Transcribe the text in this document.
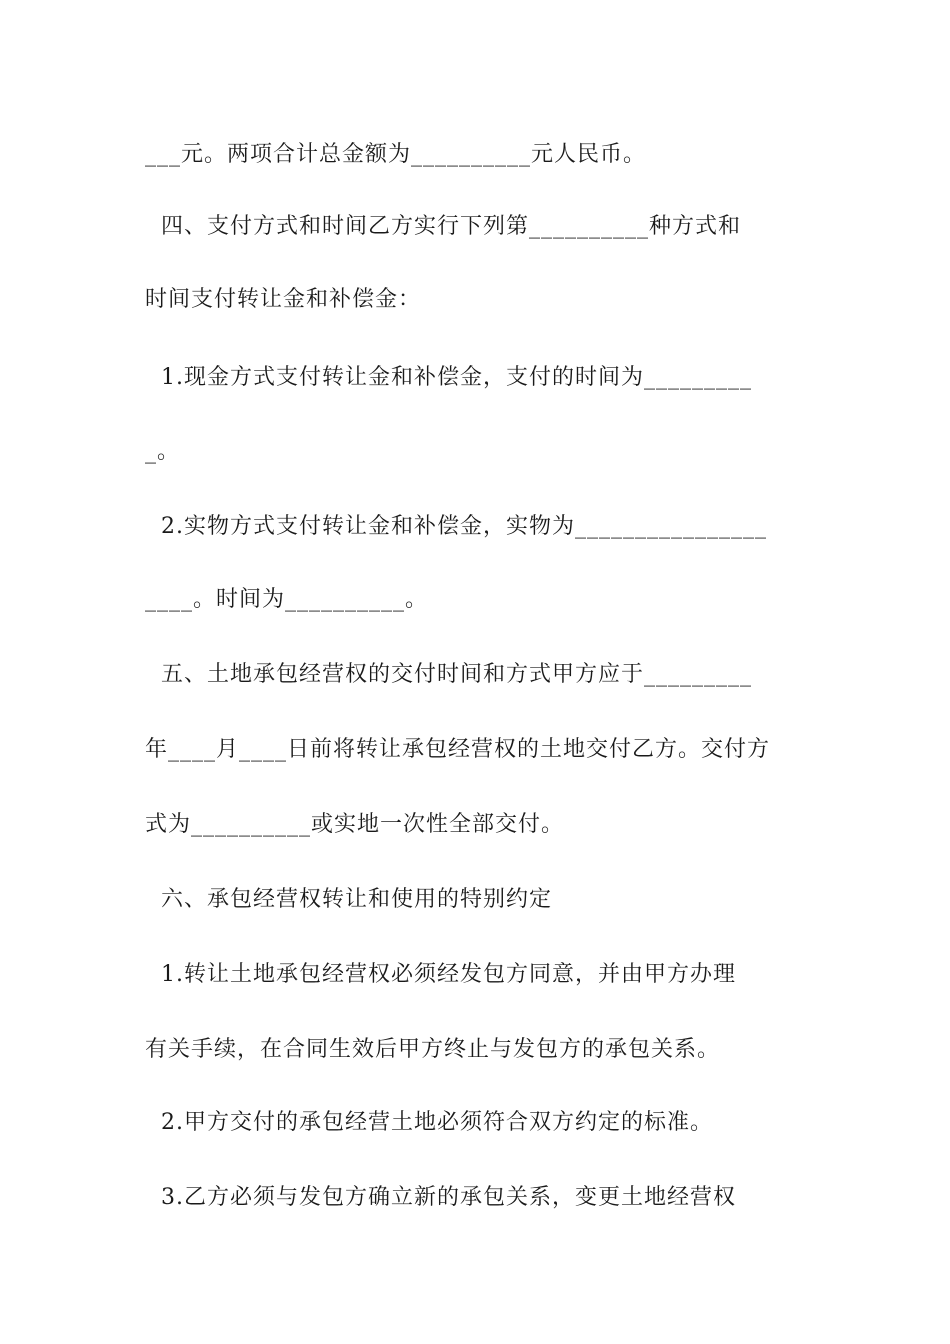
___元。两项合计总金额为__________元人民币。
四、支付方式和时间乙方实行下列第__________种方式和
时间支付转让金和补偿金：
1.现金方式支付转让金和补偿金，支付的时间为_________
_。
2.实物方式支付转让金和补偿金，实物为________________
____。时间为__________。
五、土地承包经营权的交付时间和方式甲方应于_________
年____月____日前将转让承包经营权的土地交付乙方。交付方
式为__________或实地一次性全部交付。
六、承包经营权转让和使用的特别约定
1.转让土地承包经营权必须经发包方同意，并由甲方办理
有关手续，在合同生效后甲方终止与发包方的承包关系。
2.甲方交付的承包经营土地必须符合双方约定的标准。
3.乙方必须与发包方确立新的承包关系，变更土地经营权
